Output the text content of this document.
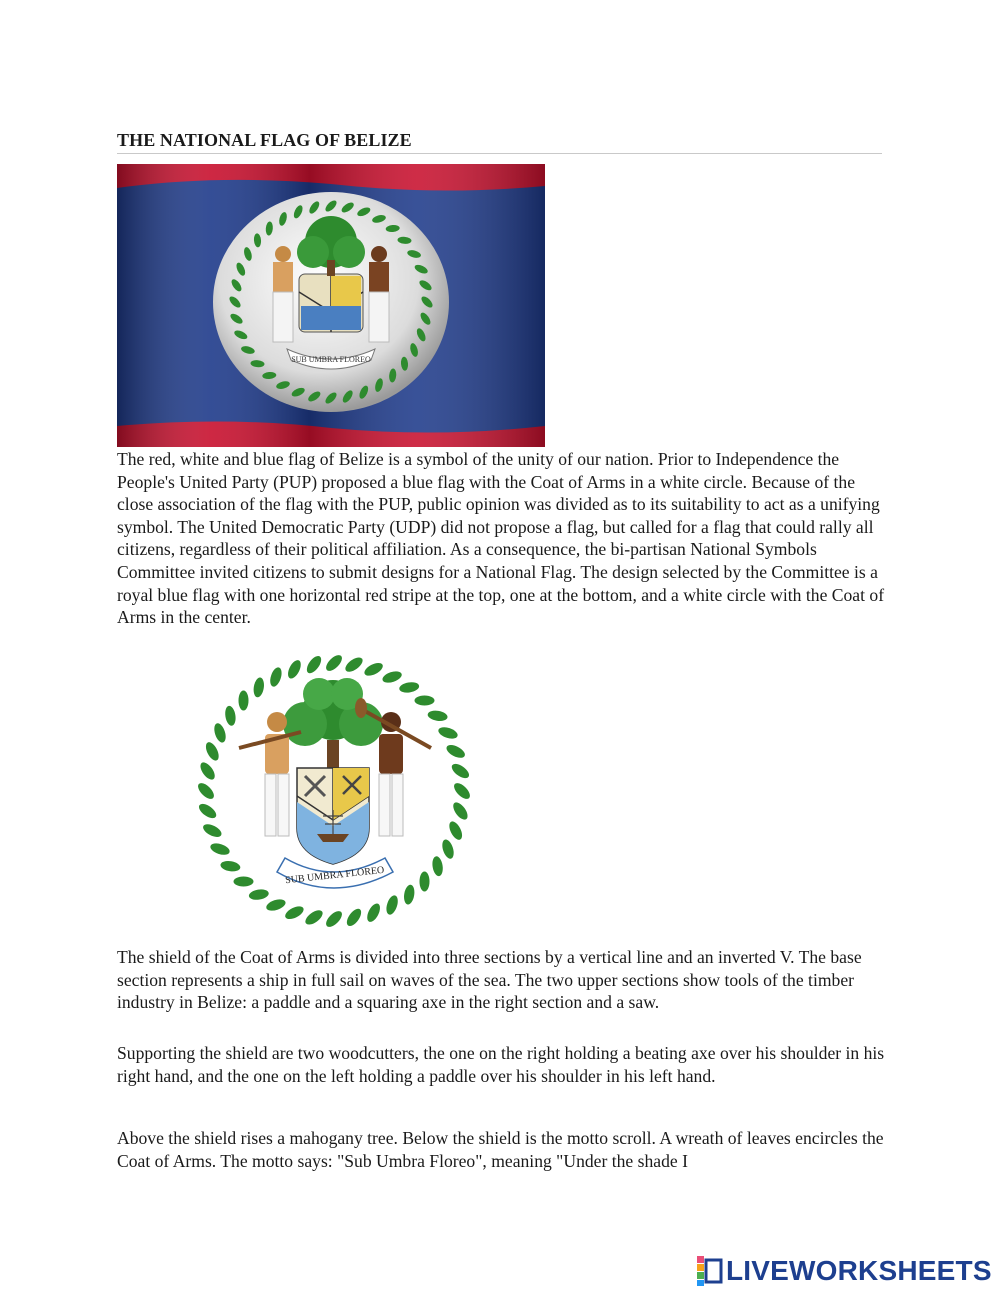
THE NATIONAL FLAG OF BELIZE
SUB UMBRA FLOREO

The red, white and blue flag of Belize is a symbol of the unity of our nation. Prior to Independence the People's United Party (PUP) proposed a blue flag with the Coat of Arms in a white circle. Because of the close association of the flag with the PUP, public opinion was divided as to its suitability to act as a unifying symbol. The United Democratic Party (UDP) did not propose a flag, but called for a flag that could rally all citizens, regardless of their political affiliation. As a consequence, the bi-partisan National Symbols Committee invited citizens to submit designs for a National Flag. The design selected by the Committee is a royal blue flag with one horizontal red stripe at the top, one at the bottom, and a white circle with the Coat of Arms in the center.

SUB UMBRA FLOREO

The shield of the Coat of Arms is divided into three sections by a vertical line and an inverted V. The base section represents a ship in full sail on waves of the sea. The two upper sections show tools of the timber industry in Belize: a paddle and a squaring axe in the right section and a saw.

Supporting the shield are two woodcutters, the one on the right holding a beating axe over his shoulder in his right hand, and the one on the left holding a paddle over his shoulder in his left hand.

Above the shield rises a mahogany tree. Below the shield is the motto scroll. A wreath of leaves encircles the Coat of Arms. The motto says: "Sub Umbra Floreo", meaning "Under the shade I

LIVEWORKSHEETS
